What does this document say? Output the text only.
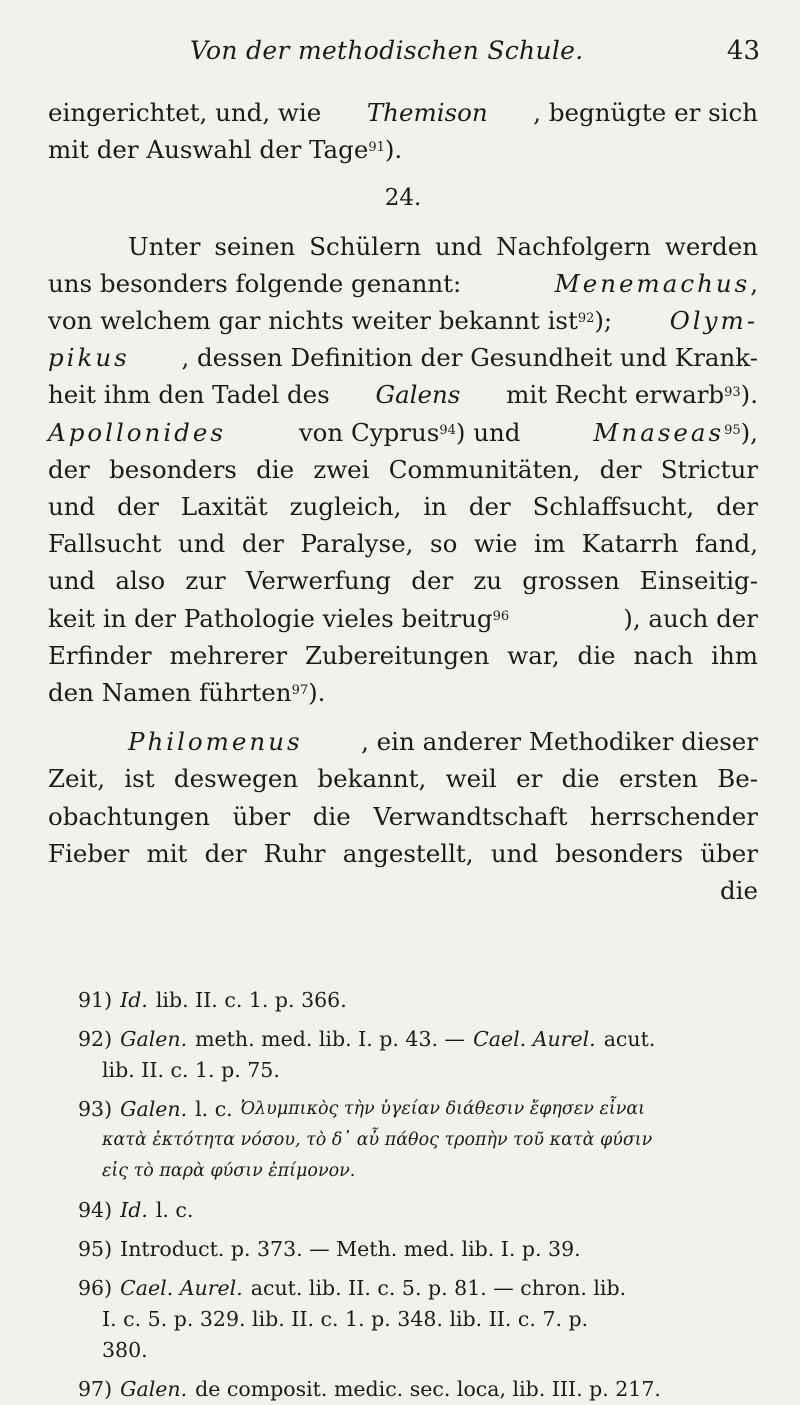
Von der methodischen Schule.	43
eingerichtet, und, wie Themison , begnügte er sich
mit der Auswahl der Tage$^{91}$).
24.
Unter seinen Schülern und Nachfolgern werden
uns besonders folgende genannt:	Menemachus,
von welchem gar nichts weiter bekannt ist$^{92}$); Olym-
pikus , dessen Definition der Gesundheit und Krank-
heit ihm den Tadel des Galens mit Recht erwarb$^{93}$).
Apollonides	von Cyprus$^{94}$) und	Mnaseas$^{95}$),
der besonders die zwei Communitäten, der Strictur
und der Laxität zugleich, in der Schlaffsucht, der
Fallsucht und der Paralyse, so wie im Katarrh fand,
und also zur Verwerfung der zu grossen Einseitig-
keit in der Pathologie vieles beitrug$^{96}$	), auch der
Erfinder mehrerer Zubereitungen war, die nach ihm
den Namen führten$^{97}$).
Philomenus , ein anderer Methodiker dieser
Zeit, ist deswegen bekannt, weil er die ersten Be-
obachtungen über die Verwandtschaft herrschender
Fieber mit der Ruhr angestellt, und besonders über
die
91) Id. lib. II. c. 1. p. 366.
92) Galen. meth. med. lib. I. p. 43. — Cael. Aurel. acut.
lib. II. c. 1. p. 75.
93) Galen. l. c. Ὀλυμπικὸς τὴν ὑγείαν διάθεσιν ἔφησεν εἶναι
κατὰ ἐκτότητα νόσου, τὸ δ᾽ αὖ πάθος τροπὴν τοῦ κατὰ φύσιν
εἰς τὸ παρὰ φύσιν ἐπίμονον.
94) Id. l. c.
95) Introduct. p. 373. — Meth. med. lib. I. p. 39.
96) Cael. Aurel. acut. lib. II. c. 5. p. 81. — chron. lib.
I. c. 5. p. 329. lib. II. c. 1. p. 348. lib. II. c. 7. p.
380.
97) Galen. de composit. medic. sec. loca, lib. III. p. 217.
